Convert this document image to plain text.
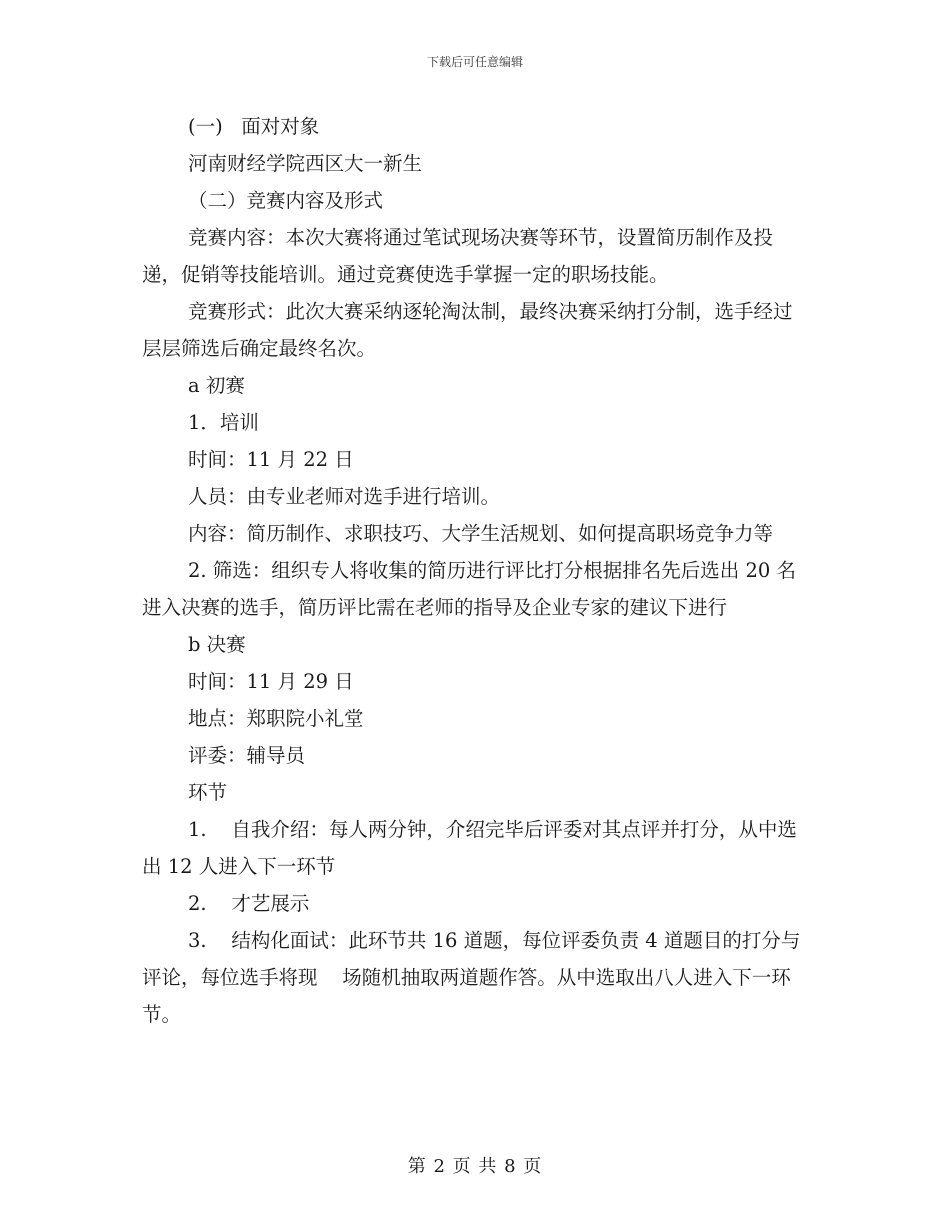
下载后可任意编辑

(一)   面对对象

河南财经学院西区大一新生

（二）竞赛内容及形式

竞赛内容：本次大赛将通过笔试现场决赛等环节，设置简历制作及投递，促销等技能培训。通过竞赛使选手掌握一定的职场技能。

竞赛形式：此次大赛采纳逐轮淘汰制，最终决赛采纳打分制，选手经过层层筛选后确定最终名次。

a 初赛

1．培训

时间：11 月 22 日

人员：由专业老师对选手进行培训。

内容：简历制作、求职技巧、大学生活规划、如何提高职场竞争力等

2. 筛选：组织专人将收集的简历进行评比打分根据排名先后选出 20 名进入决赛的选手，简历评比需在老师的指导及企业专家的建议下进行

b 决赛

时间：11 月 29 日

地点：郑职院小礼堂

评委：辅导员

环节

1.    自我介绍：每人两分钟，介绍完毕后评委对其点评并打分，从中选出 12 人进入下一环节

2.    才艺展示

3.    结构化面试：此环节共 16 道题，每位评委负责 4 道题目的打分与评论，每位选手将现    场随机抽取两道题作答。从中选取出八人进入下一环节。

第 2 页 共 8 页
